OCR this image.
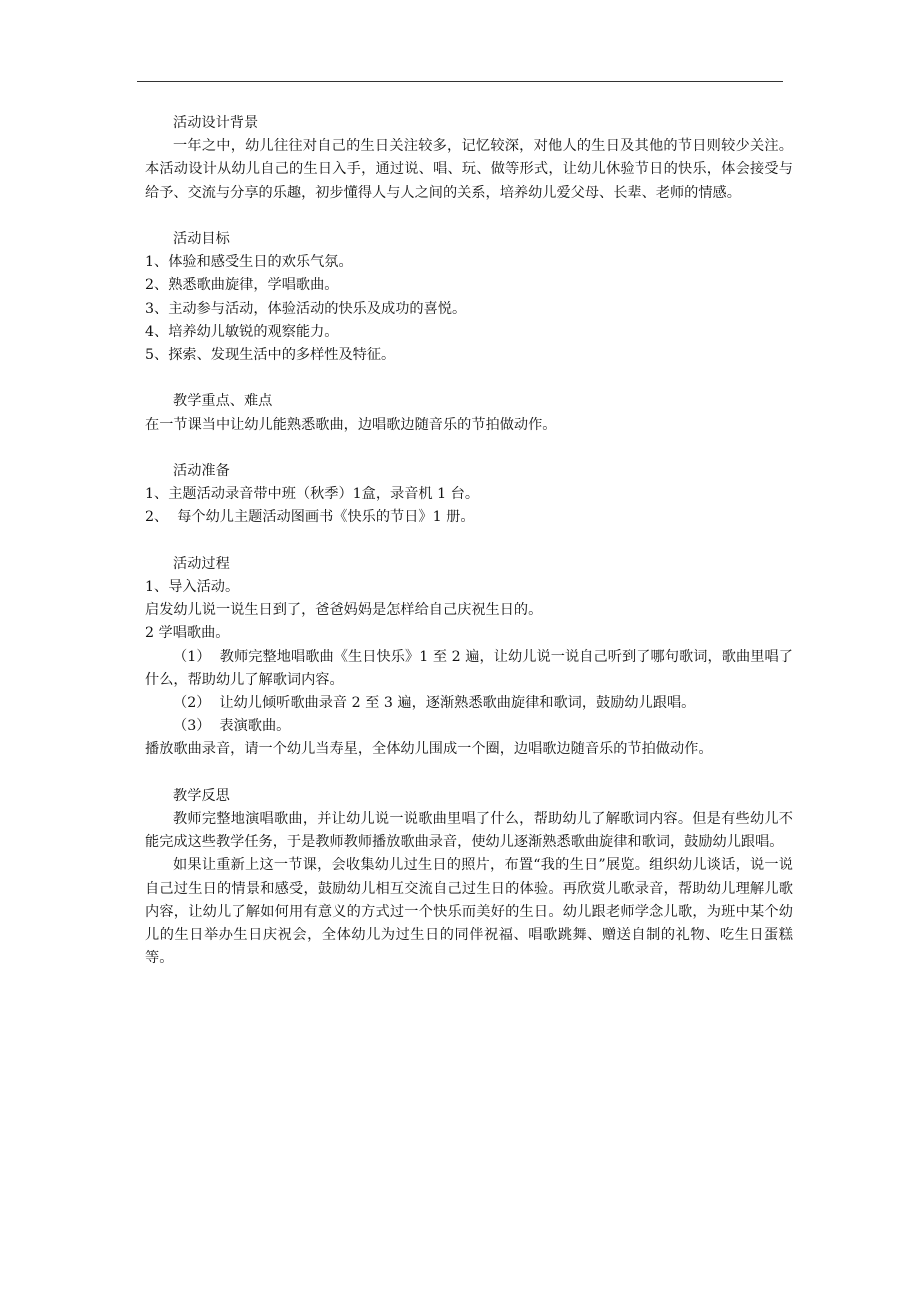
活动设计背景

一年之中，幼儿往往对自己的生日关注较多，记忆较深，对他人的生日及其他的节日则较少关注。本活动设计从幼儿自己的生日入手，通过说、唱、玩、做等形式，让幼儿休验节日的快乐，体会接受与给予、交流与分享的乐趣，初步懂得人与人之间的关系，培养幼儿爱父母、长辈、老师的情感。

活动目标

1、体验和感受生日的欢乐气氛。

2、熟悉歌曲旋律，学唱歌曲。

3、主动参与活动，体验活动的快乐及成功的喜悦。

4、培养幼儿敏锐的观察能力。

5、探索、发现生活中的多样性及特征。

教学重点、难点

在一节课当中让幼儿能熟悉歌曲，边唱歌边随音乐的节拍做动作。

活动准备

1、主题活动录音带中班（秋季）1盒，录音机 1 台。

2、  每个幼儿主题活动图画书《快乐的节日》1 册。

活动过程

1、导入活动。

启发幼儿说一说生日到了，爸爸妈妈是怎样给自己庆祝生日的。

2 学唱歌曲。

（1）  教师完整地唱歌曲《生日快乐》1 至 2 遍，让幼儿说一说自己听到了哪句歌词，歌曲里唱了什么，帮助幼儿了解歌词内容。

（2）  让幼儿倾听歌曲录音 2 至 3 遍，逐渐熟悉歌曲旋律和歌词，鼓励幼儿跟唱。

（3）  表演歌曲。

播放歌曲录音，请一个幼儿当寿星，全体幼儿围成一个圈，边唱歌边随音乐的节拍做动作。

教学反思

教师完整地演唱歌曲，并让幼儿说一说歌曲里唱了什么，帮助幼儿了解歌词内容。但是有些幼儿不能完成这些教学任务，于是教师教师播放歌曲录音，使幼儿逐渐熟悉歌曲旋律和歌词，鼓励幼儿跟唱。

如果让重新上这一节课，会收集幼儿过生日的照片，布置“我的生日”展览。组织幼儿谈话，说一说自己过生日的情景和感受，鼓励幼儿相互交流自己过生日的体验。再欣赏儿歌录音，帮助幼儿理解儿歌内容，让幼儿了解如何用有意义的方式过一个快乐而美好的生日。幼儿跟老师学念儿歌，为班中某个幼儿的生日举办生日庆祝会，全体幼儿为过生日的同伴祝福、唱歌跳舞、赠送自制的礼物、吃生日蛋糕等。
